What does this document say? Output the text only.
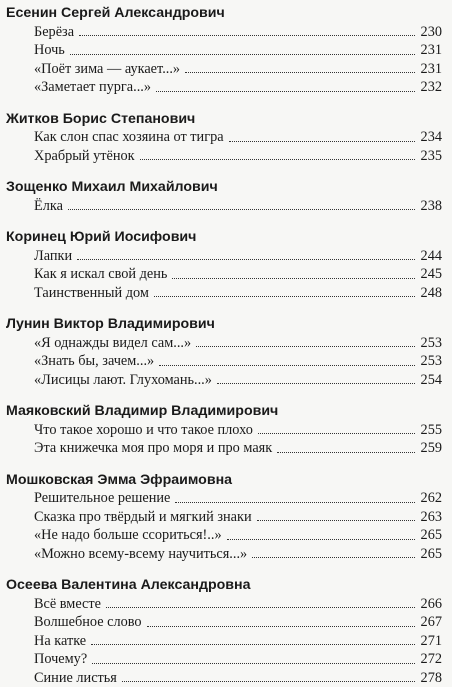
Есенин Сергей Александрович
Берёза	230
Ночь	231
«Поёт зима — аукает...»	231
«Заметает пурга...»	232
Житков Борис Степанович
Как слон спас хозяина от тигра	234
Храбрый утёнок	235
Зощенко Михаил Михайлович
Ёлка	238
Коринец Юрий Иосифович
Лапки	244
Как я искал свой день	245
Таинственный дом	248
Лунин Виктор Владимирович
«Я однажды видел сам...»	253
«Знать бы, зачем...»	253
«Лисицы лают. Глухомань...»	254
Маяковский Владимир Владимирович
Что такое хорошо и что такое плохо	255
Эта книжечка моя про моря и про маяк	259
Мошковская Эмма Эфраимовна
Решительное решение	262
Сказка про твёрдый и мягкий знаки	263
«Не надо больше ссориться!..»	265
«Можно всему-всему научиться...»	265
Осеева Валентина Александровна
Всё вместе	266
Волшебное слово	267
На катке	271
Почему?	272
Синие листья	278
